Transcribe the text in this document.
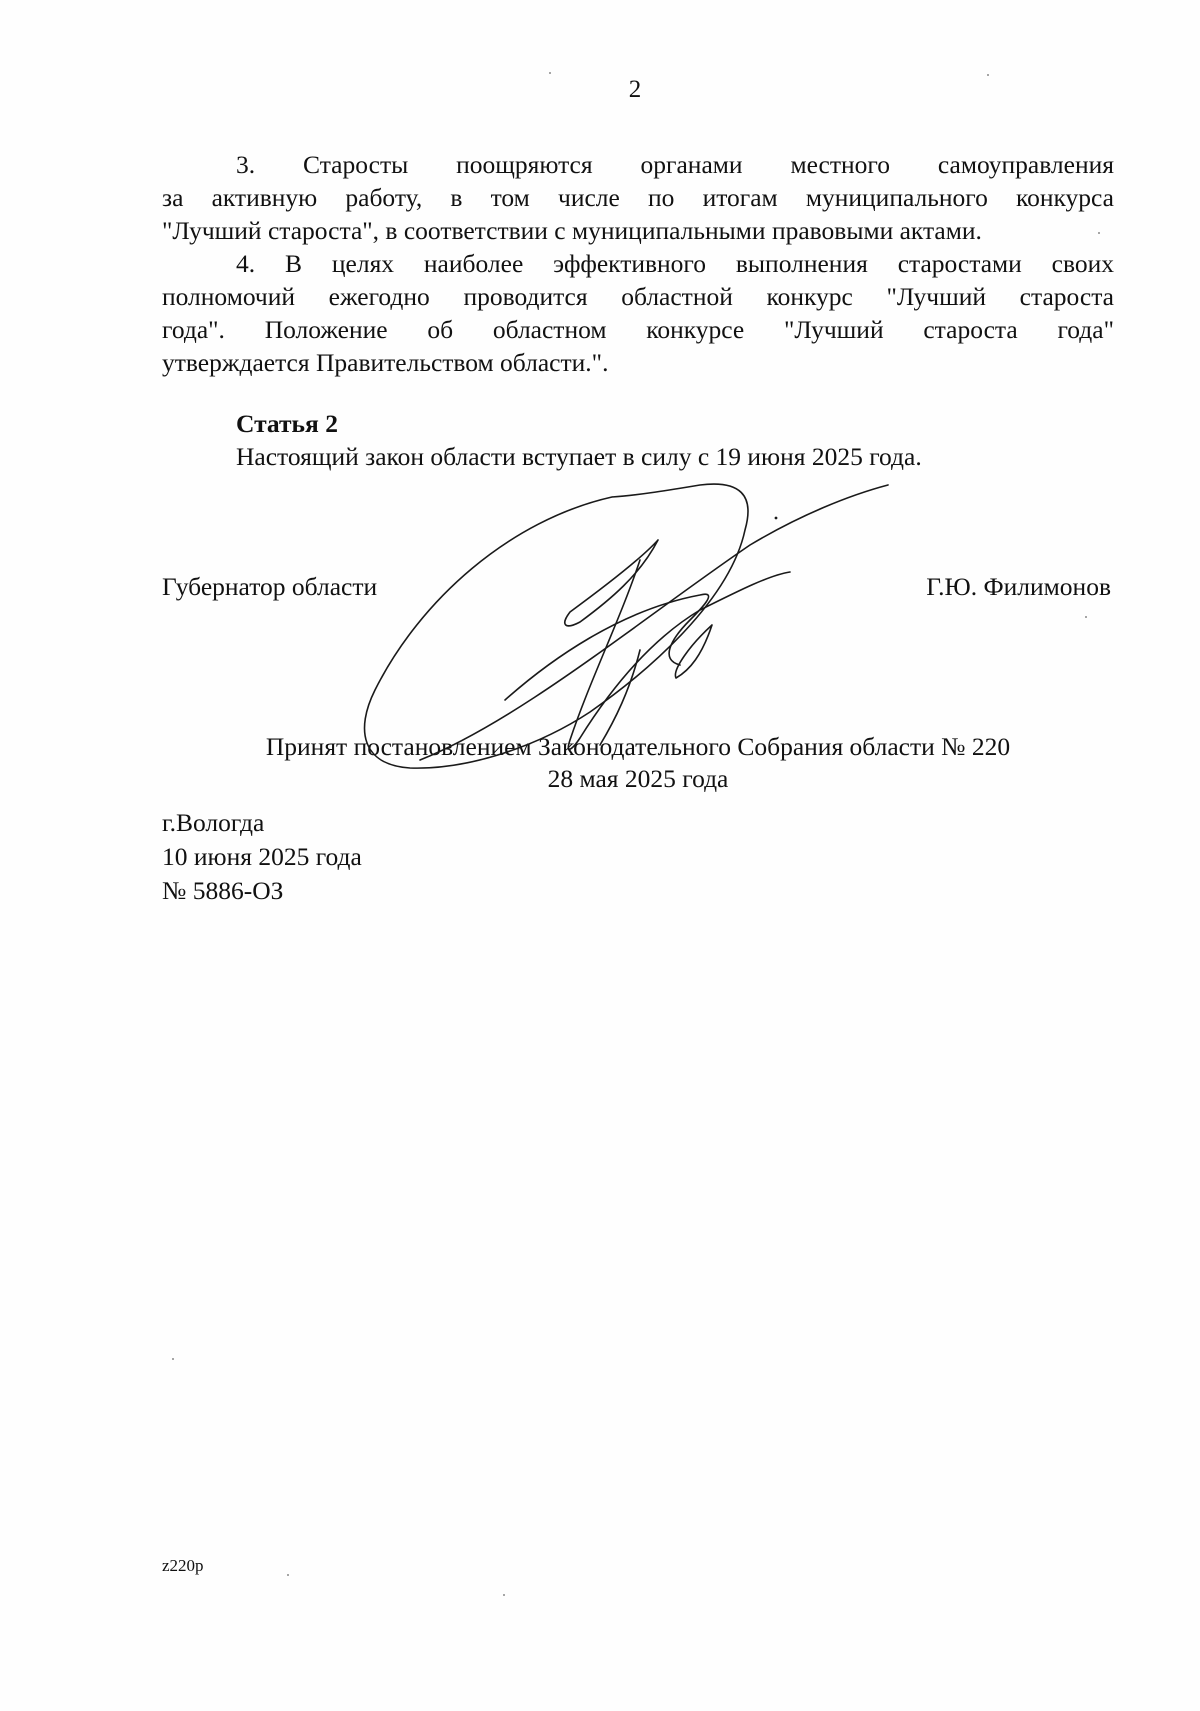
2
3. Старосты поощряются органами местного самоуправления
за активную работу, в том числе по итогам муниципального конкурса
"Лучший староста", в соответствии с муниципальными правовыми актами.
4. В целях наиболее эффективного выполнения старостами своих
полномочий ежегодно проводится областной конкурс "Лучший староста
года". Положение об областном конкурсе "Лучший староста года"
утверждается Правительством области.".
Статья 2
Настоящий закон области вступает в силу с 19 июня 2025 года.
Губернатор области	Г.Ю. Филимонов
Принят постановлением Законодательного Собрания области № 220
28 мая 2025 года
г.Вологда
10 июня 2025 года
№ 5886-ОЗ
z220p
